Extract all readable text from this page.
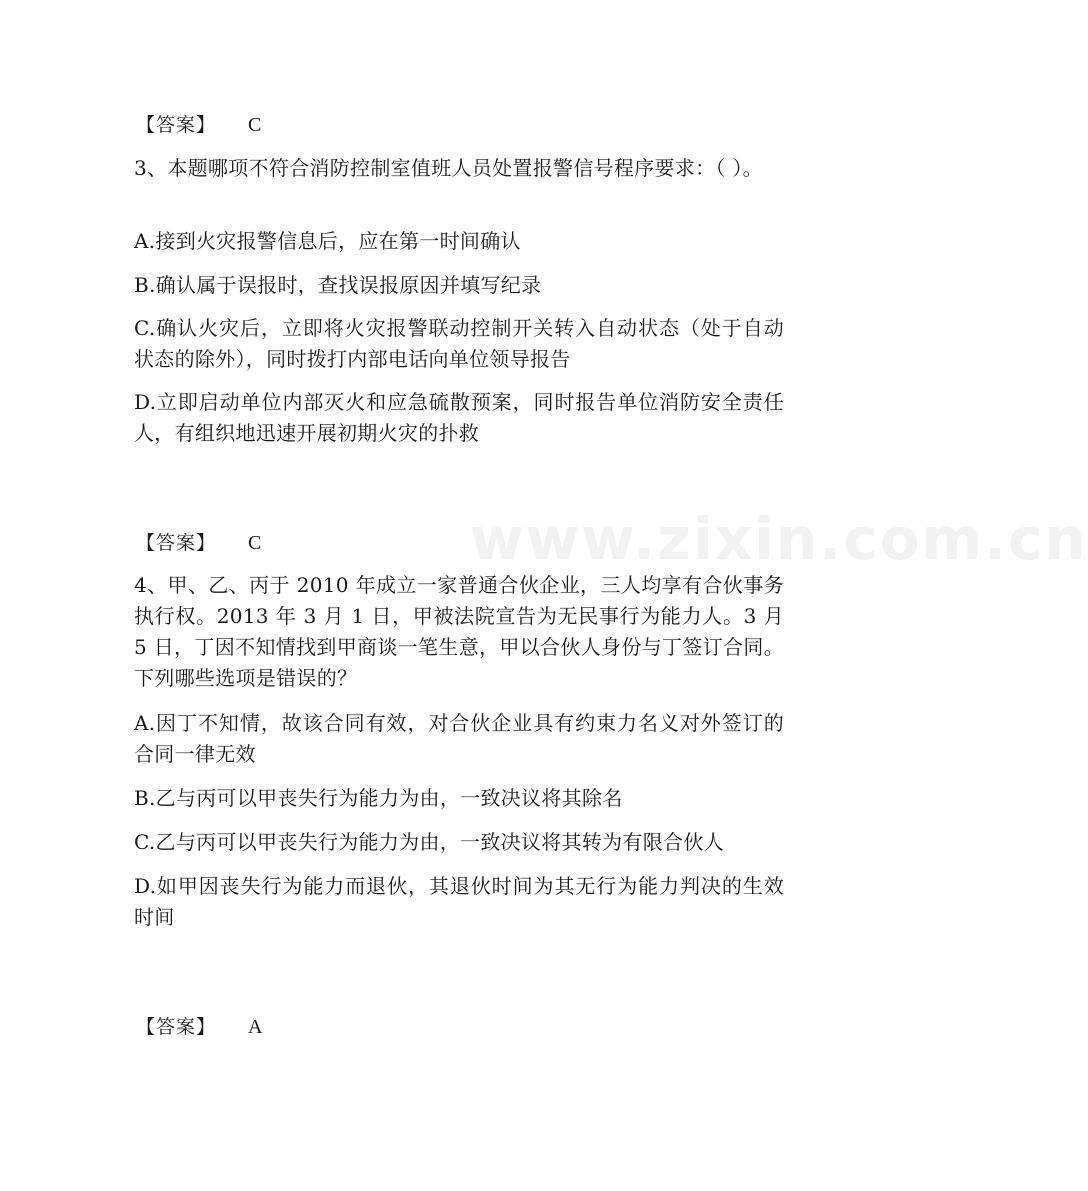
www.zixin.com.cn
【答案】 C
3、本题哪项不符合消防控制室值班人员处置报警信号程序要求：（ ）。
A.接到火灾报警信息后，应在第一时间确认
B.确认属于误报时，查找误报原因并填写纪录
C.确认火灾后，立即将火灾报警联动控制开关转入自动状态（处于自动状态的除外），同时拨打内部电话向单位领导报告
D.立即启动单位内部灭火和应急硫散预案，同时报告单位消防安全责任人，有组织地迅速开展初期火灾的扑救
【答案】 C
4、甲、乙、丙于 2010 年成立一家普通合伙企业，三人均享有合伙事务执行权。2013 年 3 月 1 日，甲被法院宣告为无民事行为能力人。3 月 5 日，丁因不知情找到甲商谈一笔生意，甲以合伙人身份与丁签订合同。下列哪些选项是错误的？
A.因丁不知情，故该合同有效，对合伙企业具有约束力名义对外签订的合同一律无效
B.乙与丙可以甲丧失行为能力为由，一致决议将其除名
C.乙与丙可以甲丧失行为能力为由，一致决议将其转为有限合伙人
D.如甲因丧失行为能力而退伙，其退伙时间为其无行为能力判决的生效时间
【答案】 A
